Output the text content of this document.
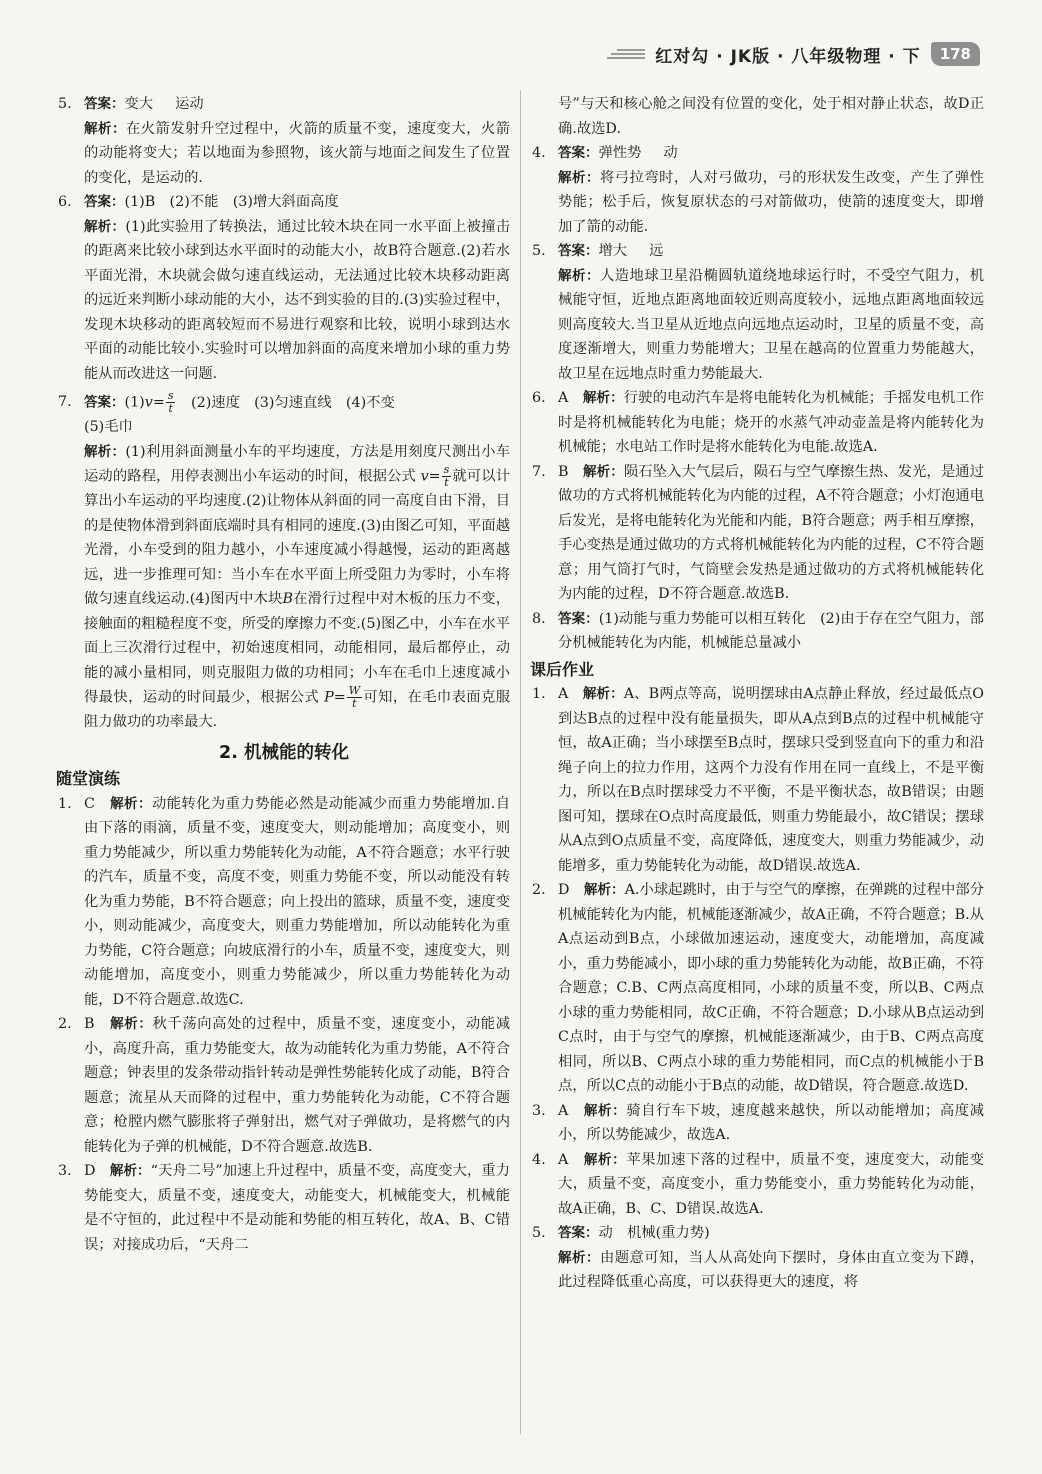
红对勾 · JK版 · 八年级物理 · 下	178
5. 答案：变大 运动
解析：在火箭发射升空过程中，火箭的质量不变，速度变大，火箭的动能将变大；若以地面为参照物，该火箭与地面之间发生了位置的变化，是运动的.
6. 答案：(1)B　(2)不能　(3)增大斜面高度
解析：(1)此实验用了转换法，通过比较木块在同一水平面上被撞击的距离来比较小球到达水平面时的动能大小，故B符合题意.(2)若水平面光滑，木块就会做匀速直线运动，无法通过比较木块移动距离的远近来判断小球动能的大小，达不到实验的目的.(3)实验过程中，发现木块移动的距离较短而不易进行观察和比较，说明小球到达水平面的动能比较小.实验时可以增加斜面的高度来增加小球的重力势能从而改进这一问题.
7. 答案：$(1)v= \frac{s}{t} (2)$速度　(3)匀速直线　(4)不变
(5)毛巾
解析：(1)利用斜面测量小车的平均速度，方法是用刻度尺测出小车运动的路程，用停表测出小车运动的时间，根据公式 $v= \frac{s}{t}$ 就可以计算出小车运动的平均速度.(2)让物体从斜面的同一高度自由下滑，目的是使物体滑到斜面底端时具有相同的速度.(3)由图乙可知，平面越光滑，小车受到的阻力越小，小车速度减小得越慢，运动的距离越远，进一步推理可知：当小车在水平面上所受阻力为零时，小车将做匀速直线运动.(4)图丙中木块B在滑行过程中对木板的压力不变，接触面的粗糙程度不变，所受的摩擦力不变.(5)图乙中，小车在水平面上三次滑行过程中，初始速度相同，动能相同，最后都停止，动能的减小量相同，则克服阻力做的功相同；小车在毛巾上速度减小得最快，运动的时间最少，根据公式 $P= \frac{W}{t}$ 可知，在毛巾表面克服阻力做功的功率最大.
2. 机械能的转化
随堂演练
1. C　 解析：动能转化为重力势能必然是动能减少而重力势能增加.自由下落的雨滴，质量不变，速度变大，则动能增加；高度变小，则重力势能减少，所以重力势能转化为动能，A不符合题意；水平行驶的汽车，质量不变，高度不变，则重力势能不变，所以动能没有转化为重力势能，B不符合题意；向上投出的篮球，质量不变，速度变小，则动能减少，高度变大，则重力势能增加，所以动能转化为重力势能，C符合题意；向坡底滑行的小车，质量不变，速度变大，则动能增加，高度变小，则重力势能减少，所以重力势能转化为动能，D不符合题意.故选C.
2. B　 解析：秋千荡向高处的过程中，质量不变，速度变小，动能减小，高度升高，重力势能变大，故为动能转化为重力势能，A不符合题意；钟表里的发条带动指针转动是弹性势能转化成了动能，B符合题意；流星从天而降的过程中，重力势能转化为动能，C不符合题意；枪膛内燃气膨胀将子弹射出，燃气对子弹做功，是将燃气的内能转化为子弹的机械能，D不符合题意.故选B.
3. D　 解析：“天舟二号”加速上升过程中，质量不变，高度变大，重力势能变大，质量不变，速度变大，动能变大，机械能变大，机械能是不守恒的，此过程中不是动能和势能的相互转化，故A、B、C错误；对接成功后，“天舟二
号”与天和核心舱之间没有位置的变化，处于相对静止状态，故D正确.故选D.
4. 答案：弹性势 动
解析：将弓拉弯时，人对弓做功，弓的形状发生改变，产生了弹性势能；松手后，恢复原状态的弓对箭做功，使箭的速度变大，即增加了箭的动能.
5. 答案：增大 远
解析：人造地球卫星沿椭圆轨道绕地球运行时，不受空气阻力，机械能守恒，近地点距离地面较近则高度较小，远地点距离地面较远则高度较大.当卫星从近地点向远地点运动时，卫星的质量不变，高度逐渐增大，则重力势能增大；卫星在越高的位置重力势能越大，故卫星在远地点时重力势能最大.
6. A　 解析：行驶的电动汽车是将电能转化为机械能；手摇发电机工作时是将机械能转化为电能；烧开的水蒸气冲动壶盖是将内能转化为机械能；水电站工作时是将水能转化为电能.故选A.
7. B　 解析：陨石坠入大气层后，陨石与空气摩擦生热、发光，是通过做功的方式将机械能转化为内能的过程，A不符合题意；小灯泡通电后发光，是将电能转化为光能和内能，B符合题意；两手相互摩擦，手心变热是通过做功的方式将机械能转化为内能的过程，C不符合题意；用气筒打气时，气筒壁会发热是通过做功的方式将机械能转化为内能的过程，D不符合题意.故选B.
8. 答案：(1)动能与重力势能可以相互转化　(2)由于存在空气阻力，部分机械能转化为内能，机械能总量减小
课后作业
1. A　 解析：A、B两点等高，说明摆球由A点静止释放，经过最低点O到达B点的过程中没有能量损失，即从A点到B点的过程中机械能守恒，故A正确；当小球摆至B点时，摆球只受到竖直向下的重力和沿绳子向上的拉力作用，这两个力没有作用在同一直线上，不是平衡力，所以在B点时摆球受力不平衡，不是平衡状态，故B错误；由题图可知，摆球在O点时高度最低，则重力势能最小，故C错误；摆球从A点到O点质量不变，高度降低，速度变大，则重力势能减少，动能增多，重力势能转化为动能，故D错误.故选A.
2. D　 解析：A.小球起跳时，由于与空气的摩擦，在弹跳的过程中部分机械能转化为内能，机械能逐渐减少，故A正确，不符合题意；B.从A点运动到B点，小球做加速运动，速度变大，动能增加，高度减小，重力势能减小，即小球的重力势能转化为动能，故B正确，不符合题意；C.B、C两点高度相同，小球的质量不变，所以B、C两点小球的重力势能相同，故C正确，不符合题意；D.小球从B点运动到C点时，由于与空气的摩擦，机械能逐渐减少，由于B、C两点高度相同，所以B、C两点小球的重力势能相同，而C点的机械能小于B点，所以C点的动能小于B点的动能，故D错误，符合题意.故选D.
3. A　 解析：骑自行车下坡，速度越来越快，所以动能增加；高度减小，所以势能减少，故选A.
4. A　 解析：苹果加速下落的过程中，质量不变，速度变大，动能变大，质量不变，高度变小，重力势能变小，重力势能转化为动能，故A正确，B、C、D错误.故选A.
5. 答案：动　机械(重力势)
解析：由题意可知，当人从高处向下摆时，身体由直立变为下蹲，此过程降低重心高度，可以获得更大的速度，将
